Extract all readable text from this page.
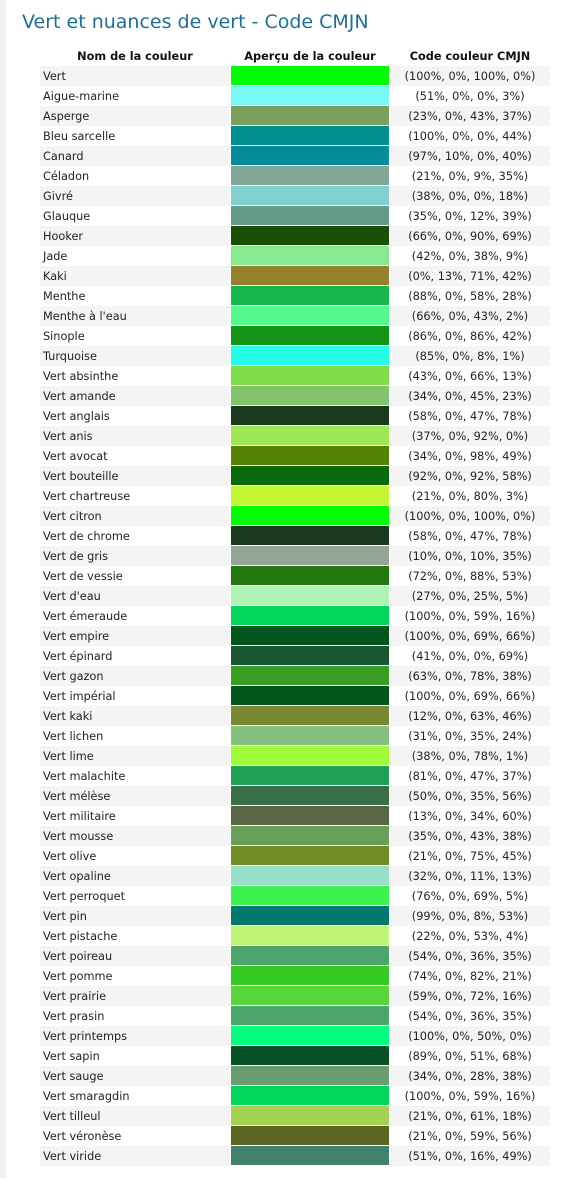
Vert et nuances de vert - Code CMJN
Nom de la couleur	Aperçu de la couleur	Code couleur CMJN
Vert		(100%, 0%, 100%, 0%)
Aigue-marine		(51%, 0%, 0%, 3%)
Asperge		(23%, 0%, 43%, 37%)
Bleu sarcelle		(100%, 0%, 0%, 44%)
Canard		(97%, 10%, 0%, 40%)
Céladon		(21%, 0%, 9%, 35%)
Givré		(38%, 0%, 0%, 18%)
Glauque		(35%, 0%, 12%, 39%)
Hooker		(66%, 0%, 90%, 69%)
Jade		(42%, 0%, 38%, 9%)
Kaki		(0%, 13%, 71%, 42%)
Menthe		(88%, 0%, 58%, 28%)
Menthe à l'eau		(66%, 0%, 43%, 2%)
Sinople		(86%, 0%, 86%, 42%)
Turquoise		(85%, 0%, 8%, 1%)
Vert absinthe		(43%, 0%, 66%, 13%)
Vert amande		(34%, 0%, 45%, 23%)
Vert anglais		(58%, 0%, 47%, 78%)
Vert anis		(37%, 0%, 92%, 0%)
Vert avocat		(34%, 0%, 98%, 49%)
Vert bouteille		(92%, 0%, 92%, 58%)
Vert chartreuse		(21%, 0%, 80%, 3%)
Vert citron		(100%, 0%, 100%, 0%)
Vert de chrome		(58%, 0%, 47%, 78%)
Vert de gris		(10%, 0%, 10%, 35%)
Vert de vessie		(72%, 0%, 88%, 53%)
Vert d'eau		(27%, 0%, 25%, 5%)
Vert émeraude		(100%, 0%, 59%, 16%)
Vert empire		(100%, 0%, 69%, 66%)
Vert épinard		(41%, 0%, 0%, 69%)
Vert gazon		(63%, 0%, 78%, 38%)
Vert impérial		(100%, 0%, 69%, 66%)
Vert kaki		(12%, 0%, 63%, 46%)
Vert lichen		(31%, 0%, 35%, 24%)
Vert lime		(38%, 0%, 78%, 1%)
Vert malachite		(81%, 0%, 47%, 37%)
Vert mélèse		(50%, 0%, 35%, 56%)
Vert militaire		(13%, 0%, 34%, 60%)
Vert mousse		(35%, 0%, 43%, 38%)
Vert olive		(21%, 0%, 75%, 45%)
Vert opaline		(32%, 0%, 11%, 13%)
Vert perroquet		(76%, 0%, 69%, 5%)
Vert pin		(99%, 0%, 8%, 53%)
Vert pistache		(22%, 0%, 53%, 4%)
Vert poireau		(54%, 0%, 36%, 35%)
Vert pomme		(74%, 0%, 82%, 21%)
Vert prairie		(59%, 0%, 72%, 16%)
Vert prasin		(54%, 0%, 36%, 35%)
Vert printemps		(100%, 0%, 50%, 0%)
Vert sapin		(89%, 0%, 51%, 68%)
Vert sauge		(34%, 0%, 28%, 38%)
Vert smaragdin		(100%, 0%, 59%, 16%)
Vert tilleul		(21%, 0%, 61%, 18%)
Vert véronèse		(21%, 0%, 59%, 56%)
Vert viride		(51%, 0%, 16%, 49%)
